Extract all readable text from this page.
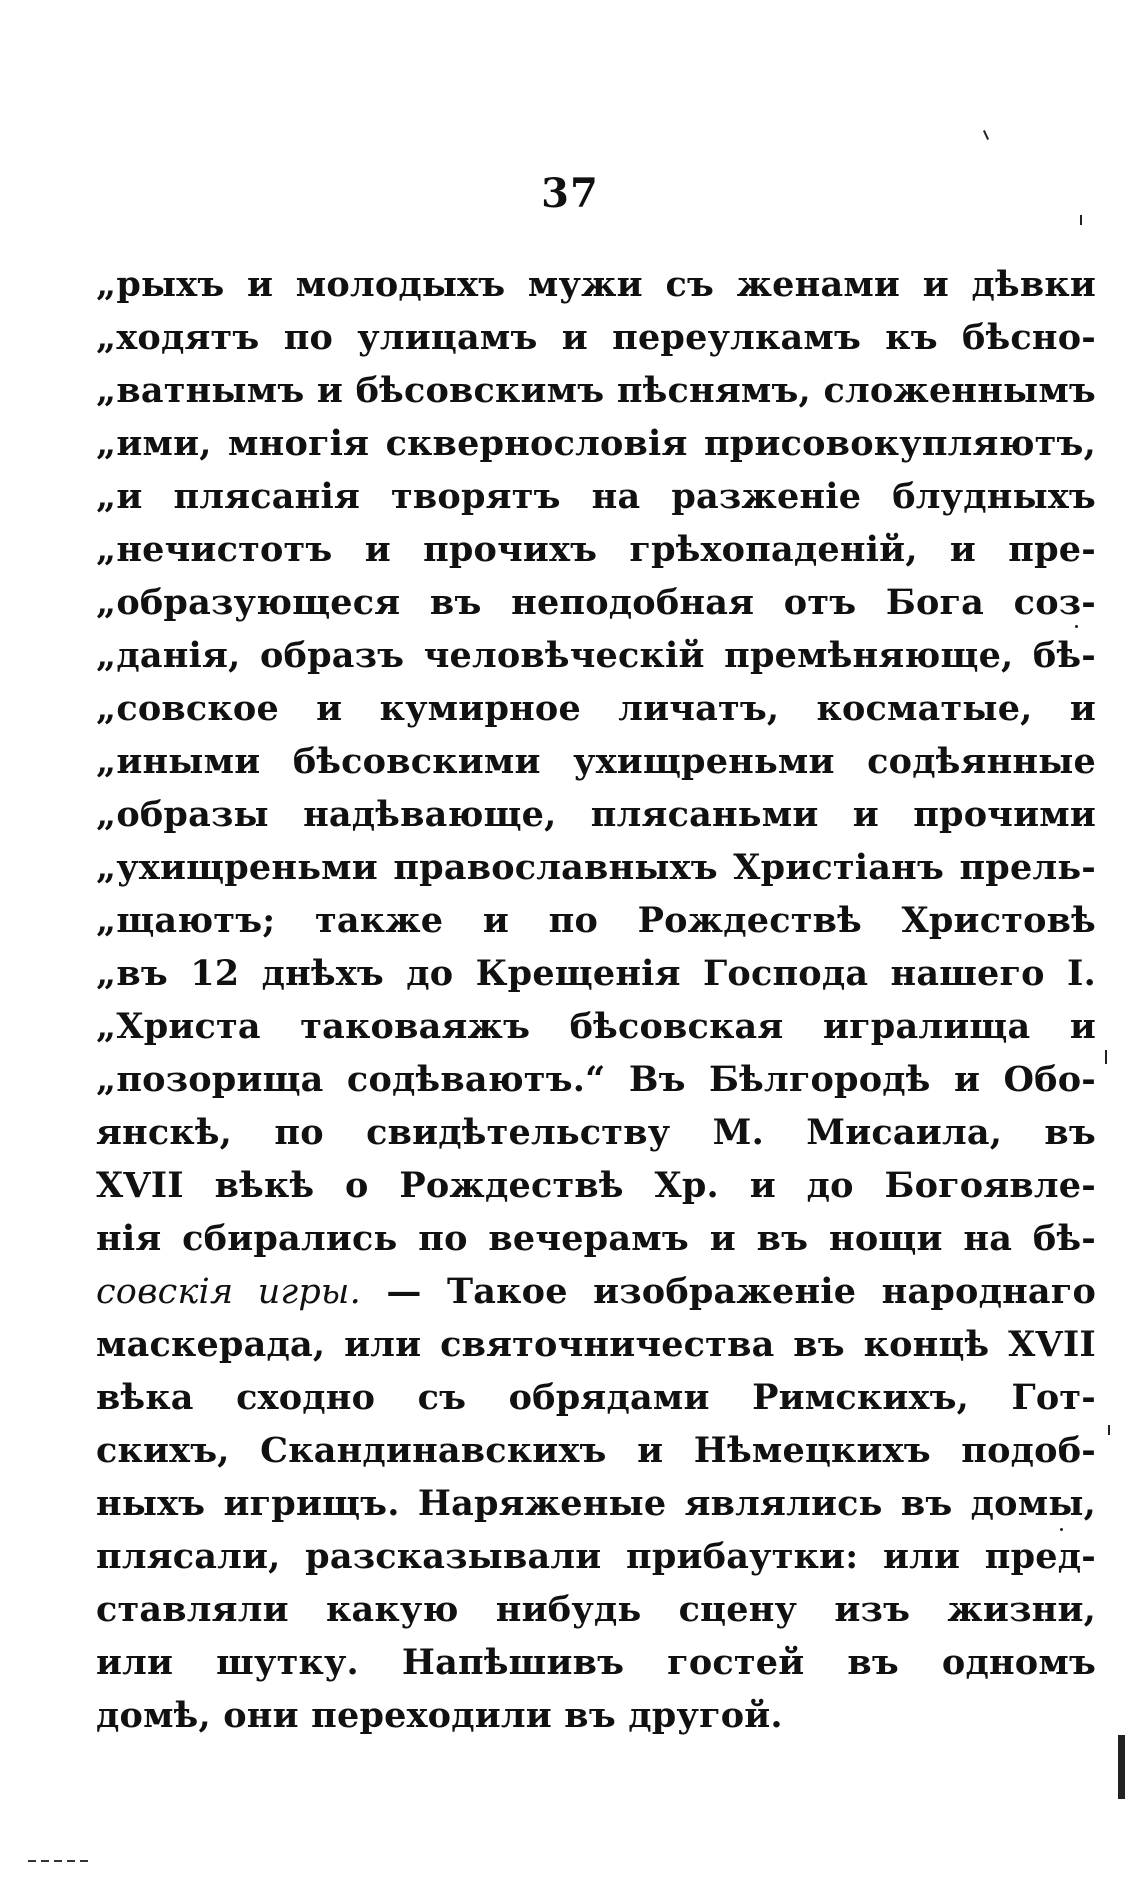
37
„рыхъ и молодыхъ мужи съ женами и дѣвки
„ходятъ по улицамъ и переулкамъ къ бѣсно-
„ватнымъ и бѣсовскимъ пѣснямъ, сложеннымъ
„ими, многія сквернословія присовокупляютъ,
„и плясанія творятъ на разженіе блудныхъ
„нечистотъ и прочихъ грѣхопаденій, и пре-
„образующеся въ неподобная отъ Бога соз-
„данія, образъ человѣческій премѣняюще, бѣ-
„совское и кумирное личатъ, косматые, и
„иными бѣсовскими ухищреньми содѣянные
„образы надѣвающе, плясаньми и прочими
„ухищреньми православныхъ Христіанъ прель-
„щаютъ; также и по Рождествѣ Христовѣ
„въ 12 днѣхъ до Крещенія Господа нашего І.
„Христа таковаяжъ бѣсовская игралища и
„позорища содѣваютъ.“ Въ Бѣлгородѣ и Обо-
янскѣ, по свидѣтельству М. Мисаила, въ
XVII вѣкѣ о Рождествѣ Хр. и до Богоявле-
нія сбирались по вечерамъ и въ нощи на бѣ-
совскія игры. — Такое изображеніе народнаго
маскерада, или святочничества въ концѣ XVII
вѣка сходно съ обрядами Римскихъ, Гот-
скихъ, Скандинавскихъ и Нѣмецкихъ подоб-
ныхъ игрищъ. Наряженые являлись въ домы,
плясали, разсказывали прибаутки: или пред-
ставляли какую нибудь сцену изъ жизни,
или шутку. Напѣшивъ гостей въ одномъ
домѣ, они переходили въ другой.
